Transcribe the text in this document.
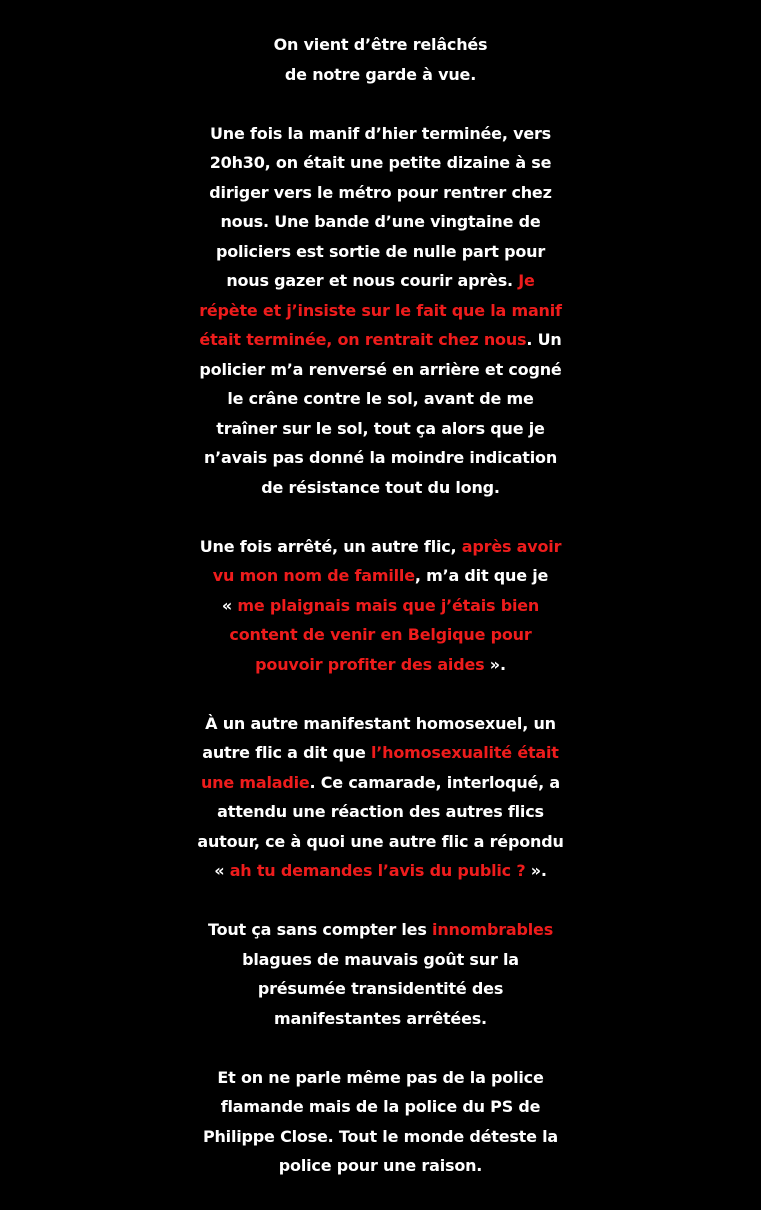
On vient d’être relâchés
de notre garde à vue.
Une fois la manif d’hier terminée, vers
20h30, on était une petite dizaine à se
diriger vers le métro pour rentrer chez
nous. Une bande d’une vingtaine de
policiers est sortie de nulle part pour
nous gazer et nous courir après. Je
répète et j’insiste sur le fait que la manif
était terminée, on rentrait chez nous. Un
policier m’a renversé en arrière et cogné
le crâne contre le sol, avant de me
traîner sur le sol, tout ça alors que je
n’avais pas donné la moindre indication
de résistance tout du long.
Une fois arrêté, un autre flic, après avoir
vu mon nom de famille, m’a dit que je
« me plaignais mais que j’étais bien
content de venir en Belgique pour
pouvoir profiter des aides ».
À un autre manifestant homosexuel, un
autre flic a dit que l’homosexualité était
une maladie. Ce camarade, interloqué, a
attendu une réaction des autres flics
autour, ce à quoi une autre flic a répondu
« ah tu demandes l’avis du public ? ».
Tout ça sans compter les innombrables
blagues de mauvais goût sur la
présumée transidentité des
manifestantes arrêtées.
Et on ne parle même pas de la police
flamande mais de la police du PS de
Philippe Close. Tout le monde déteste la
police pour une raison.
